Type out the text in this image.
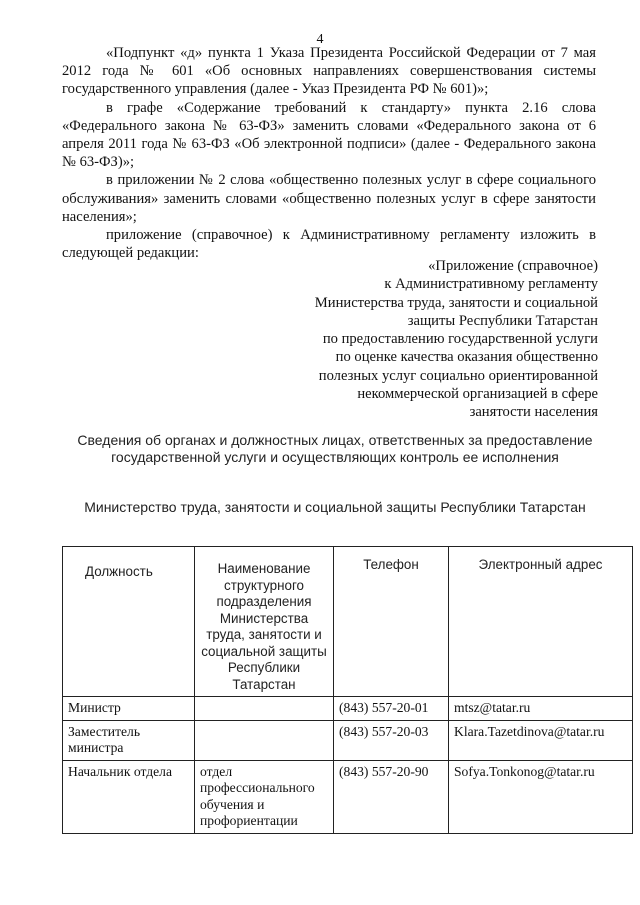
4

«Подпункт «д» пункта 1 Указа Президента Российской Федерации от 7 мая 2012 года № 601 «Об основных направлениях совершенствования системы государственного управления (далее - Указ Президента РФ № 601)»;

в графе «Содержание требований к стандарту» пункта 2.16 слова «Федерального закона № 63-ФЗ» заменить словами «Федерального закона от 6 апреля 2011 года № 63-ФЗ «Об электронной подписи» (далее - Федерального закона № 63-ФЗ)»;

в приложении № 2 слова «общественно полезных услуг в сфере социального обслуживания» заменить словами «общественно полезных услуг в сфере занятости населения»;

приложение (справочное) к Административному регламенту изложить в следующей редакции:

«Приложение (справочное)
к Административному регламенту
Министерства труда, занятости и социальной
защиты Республики Татарстан
по предоставлению государственной услуги
по оценке качества оказания общественно
полезных услуг социально ориентированной
некоммерческой организацией в сфере
занятости населения
Сведения об органах и должностных лицах, ответственных за предоставление государственной услуги и осуществляющих контроль ее исполнения
Министерство труда, занятости и социальной защиты Республики Татарстан
Должность	Наименование структурного подразделения Министерства труда, занятости и социальной защиты Республики Татарстан	Телефон	Электронный адрес
Министр		(843) 557-20-01	mtsz@tatar.ru
Заместитель министра		(843) 557-20-03	Klara.Tazetdinova@tatar.ru
Начальник отдела	отдел профессионального обучения и профориентации	(843) 557-20-90	Sofya.Tonkonog@tatar.ru
